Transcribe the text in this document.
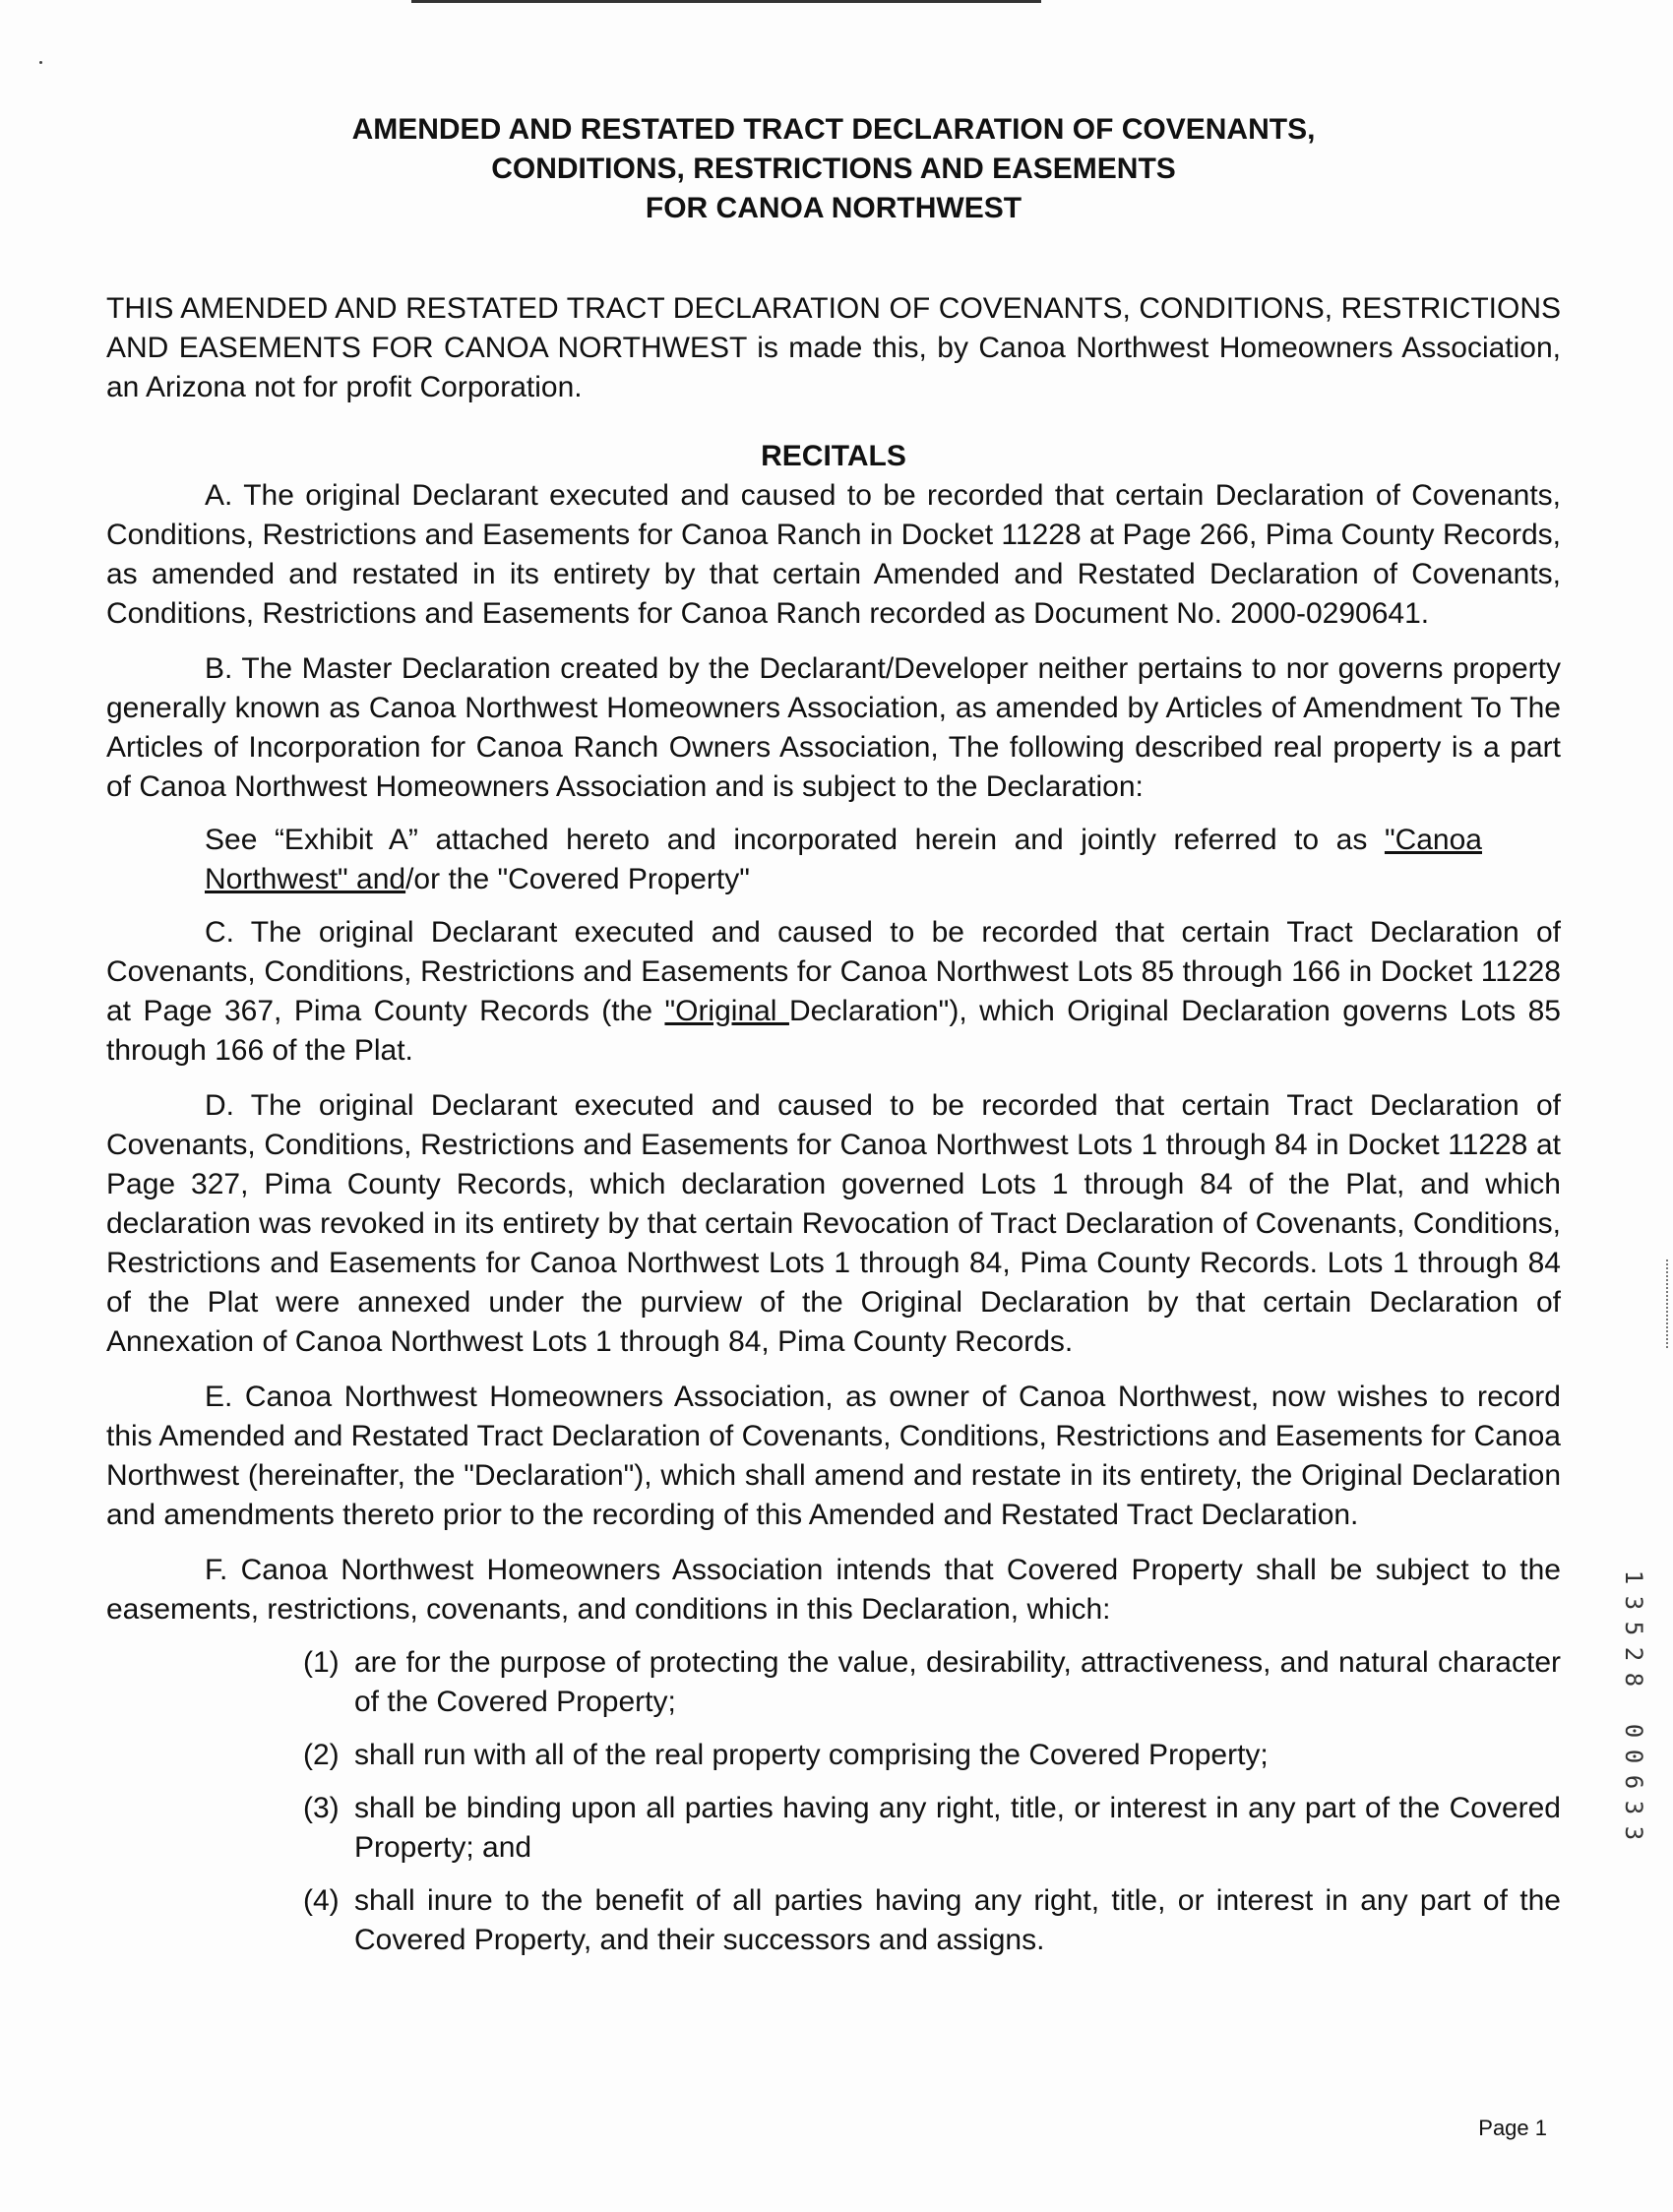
AMENDED AND RESTATED TRACT DECLARATION OF COVENANTS,
CONDITIONS, RESTRICTIONS AND EASEMENTS
FOR CANOA NORTHWEST

THIS AMENDED AND RESTATED TRACT DECLARATION OF COVENANTS, CONDITIONS, RESTRICTIONS AND EASEMENTS FOR CANOA NORTHWEST is made this, by Canoa Northwest Homeowners Association, an Arizona not for profit Corporation.

RECITALS

A. The original Declarant executed and caused to be recorded that certain Declaration of Covenants, Conditions, Restrictions and Easements for Canoa Ranch in Docket 11228 at Page 266, Pima County Records, as amended and restated in its entirety by that certain Amended and Restated Declaration of Covenants, Conditions, Restrictions and Easements for Canoa Ranch recorded as Document No. 2000-0290641.

B. The Master Declaration created by the Declarant/Developer neither pertains to nor governs property generally known as Canoa Northwest Homeowners Association, as amended by Articles of Amendment To The Articles of Incorporation for Canoa Ranch Owners Association, The following described real property is a part of Canoa Northwest Homeowners Association and is subject to the Declaration:

See “Exhibit A” attached hereto and incorporated herein and jointly referred to as "Canoa Northwest" and/or the "Covered Property"

C. The original Declarant executed and caused to be recorded that certain Tract Declaration of Covenants, Conditions, Restrictions and Easements for Canoa Northwest Lots 85 through 166 in Docket 11228 at Page 367, Pima County Records (the "Original Declaration"), which Original Declaration governs Lots 85 through 166 of the Plat.

D. The original Declarant executed and caused to be recorded that certain Tract Declaration of Covenants, Conditions, Restrictions and Easements for Canoa Northwest Lots 1 through 84 in Docket 11228 at Page 327, Pima County Records, which declaration governed Lots 1 through 84 of the Plat, and which declaration was revoked in its entirety by that certain Revocation of Tract Declaration of Covenants, Conditions, Restrictions and Easements for Canoa Northwest Lots 1 through 84, Pima County Records. Lots 1 through 84 of the Plat were annexed under the purview of the Original Declaration by that certain Declaration of Annexation of Canoa Northwest Lots 1 through 84, Pima County Records.

E. Canoa Northwest Homeowners Association, as owner of Canoa Northwest, now wishes to record this Amended and Restated Tract Declaration of Covenants, Conditions, Restrictions and Easements for Canoa Northwest (hereinafter, the "Declaration"), which shall amend and restate in its entirety, the Original Declaration and amendments thereto prior to the recording of this Amended and Restated Tract Declaration.

F. Canoa Northwest Homeowners Association intends that Covered Property shall be subject to the easements, restrictions, covenants, and conditions in this Declaration, which:

(1) are for the purpose of protecting the value, desirability, attractiveness, and natural character of the Covered Property;
(2) shall run with all of the real property comprising the Covered Property;
(3) shall be binding upon all parties having any right, title, or interest in any part of the Covered Property; and
(4) shall inure to the benefit of all parties having any right, title, or interest in any part of the Covered Property, and their successors and assigns.
1
3
5
2
8

0
0
6
3
3
Page 1
